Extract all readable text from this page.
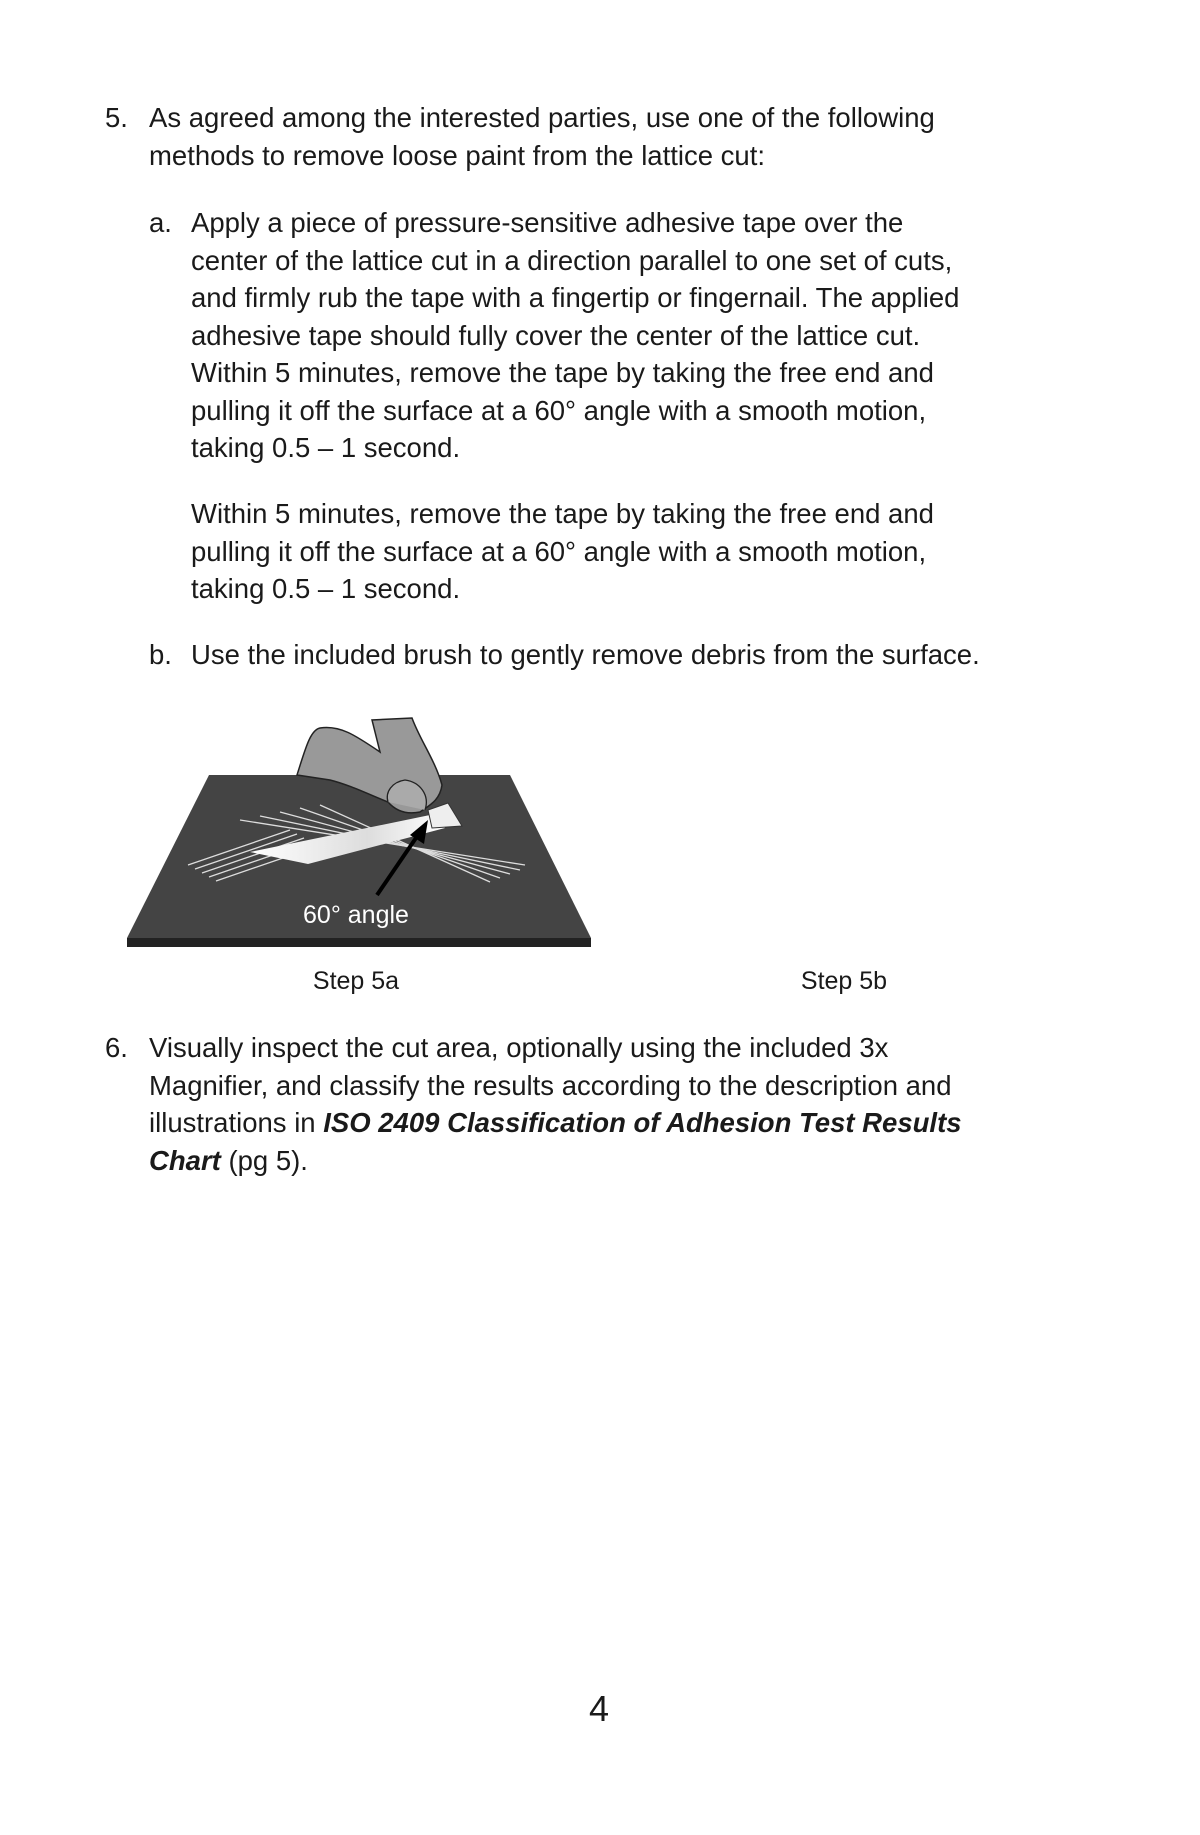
5. As agreed among the interested parties, use one of the following
methods to remove loose paint from the lattice cut:
a. Apply a piece of pressure-sensitive adhesive tape over the
center of the lattice cut in a direction parallel to one set of cuts,
and firmly rub the tape with a fingertip or fingernail. The applied
adhesive tape should fully cover the center of the lattice cut.
Within 5 minutes, remove the tape by taking the free end and
pulling it off the surface at a 60° angle with a smooth motion,
taking 0.5 – 1 second.
Within 5 minutes, remove the tape by taking the free end and
pulling it off the surface at a 60° angle with a smooth motion,
taking 0.5 – 1 second.
b. Use the included brush to gently remove debris from the surface.
60° angle
Step 5a	Step 5b
6. Visually inspect the cut area, optionally using the included 3x
Magnifier, and classify the results according to the description and
illustrations in ISO 2409 Classification of Adhesion Test Results
Chart (pg 5).
4
